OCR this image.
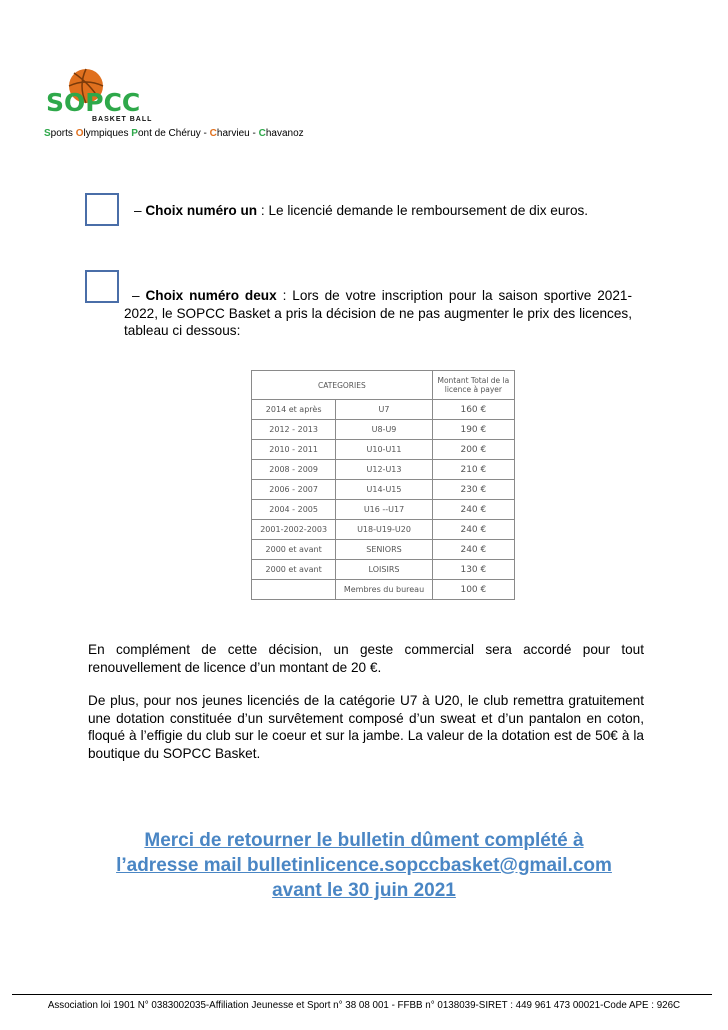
SOPCC
BASKET BALL
Sports Olympiques Pont de Chéruy - Charvieu - Chavanoz
– Choix numéro un : Le licencié demande le remboursement de dix euros.
– Choix numéro deux : Lors de votre inscription pour la saison sportive 2021-2022, le SOPCC Basket a pris la décision de ne pas augmenter le prix des licences, tableau ci dessous:
CATEGORIES		Montant Total de la licence à payer
2014 et après	U7	160 €
2012 - 2013	U8-U9	190 €
2010 - 2011	U10-U11	200 €
2008 - 2009	U12-U13	210 €
2006 - 2007	U14-U15	230 €
2004 - 2005	U16 --U17	240 €
2001-2002-2003	U18-U19-U20	240 €
2000 et avant	SENIORS	240 €
2000 et avant	LOISIRS	130 €
	Membres du bureau	100 €
En complément de cette décision, un geste commercial sera accordé pour tout renouvellement de licence d’un montant de 20 €.
De plus, pour nos jeunes licenciés de la catégorie U7 à U20, le club remettra gratuitement une dotation constituée d’un survêtement composé d’un sweat et d’un pantalon en coton, floqué à l’effigie du club sur le coeur et sur la jambe. La valeur de la dotation est de 50€ à la boutique du SOPCC Basket.
Merci de retourner le bulletin dûment complété à
l’adresse mail bulletinlicence.sopccbasket@gmail.com
avant le 30 juin 2021
Association loi 1901 N° 0383002035-Affiliation Jeunesse et Sport n° 38 08 001 - FFBB n° 0138039-SIRET : 449 961 473 00021-Code APE : 926C
